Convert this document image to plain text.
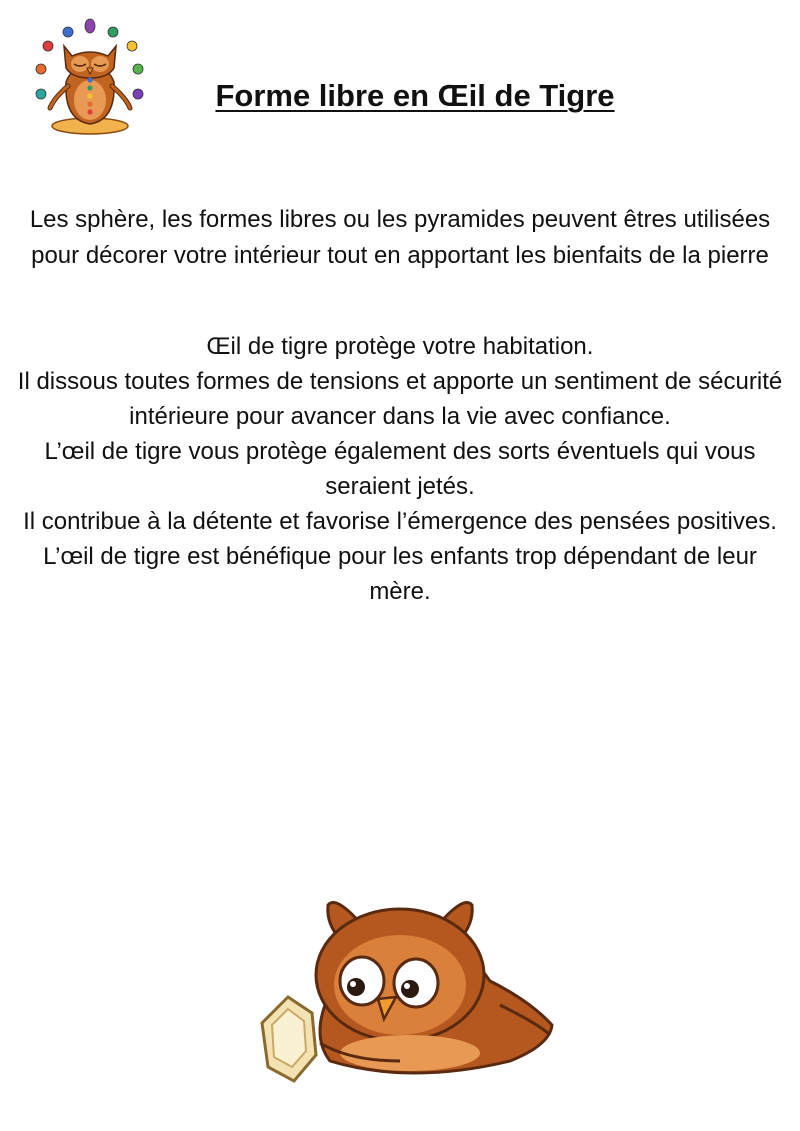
Forme libre en Œil de Tigre

Les sphère, les formes libres ou les pyramides peuvent êtres utilisées pour décorer votre intérieur tout en apportant les bienfaits de la pierre

Œil de tigre protège votre habitation.
Il dissous toutes formes de tensions et apporte un sentiment de sécurité intérieure pour avancer dans la vie avec confiance.
L’œil de tigre vous protège également des sorts éventuels qui vous seraient jetés.
Il contribue à la détente et favorise l’émergence des pensées positives.
L’œil de tigre est bénéfique pour les enfants trop dépendant de leur mère.
